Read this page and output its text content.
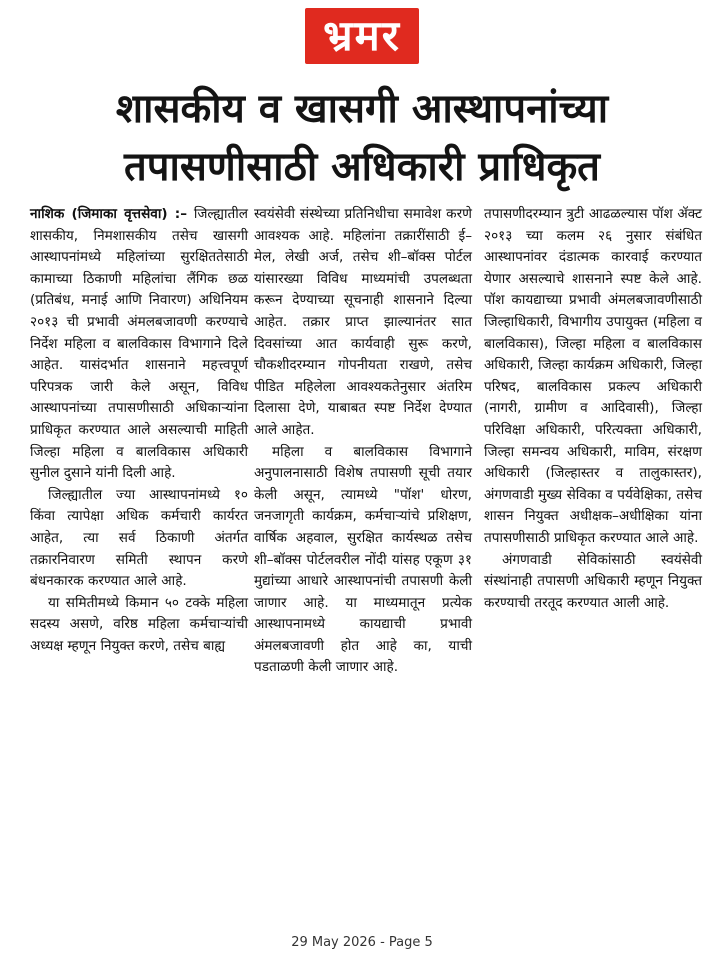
भ्रमर
शासकीय व खासगी आस्थापनांच्या
तपासणीसाठी अधिकारी प्राधिकृत

नाशिक (जिमाका वृत्तसेवा) :– जिल्ह्यातील शासकीय, निमशासकीय तसेच खासगी आस्थापनांमध्ये महिलांच्या सुरक्षिततेसाठी कामाच्या ठिकाणी महिलांचा लैंगिक छळ (प्रतिबंध, मनाई आणि निवारण) अधिनियम २०१३ ची प्रभावी अंमलबजावणी करण्याचे निर्देश महिला व बालविकास विभागाने दिले आहेत. यासंदर्भात शासनाने महत्त्वपूर्ण परिपत्रक जारी केले असून, विविध आस्थापनांच्या तपासणीसाठी अधिकाऱ्यांना प्राधिकृत करण्यात आले असल्याची माहिती जिल्हा महिला व बालविकास अधिकारी सुनील दुसाने यांनी दिली आहे.

जिल्ह्यातील ज्या आस्थापनांमध्ये १० किंवा त्यापेक्षा अधिक कर्मचारी कार्यरत आहेत, त्या सर्व ठिकाणी अंतर्गत तक्रारनिवारण समिती स्थापन करणे बंधनकारक करण्यात आले आहे.

या समितीमध्ये किमान ५० टक्के महिला सदस्य असणे, वरिष्ठ महिला कर्मचाऱ्यांची अध्यक्ष म्हणून नियुक्त करणे, तसेच बाह्य

स्वयंसेवी संस्थेच्या प्रतिनिधीचा समावेश करणे आवश्यक आहे. महिलांना तक्रारींसाठी ई–मेल, लेखी अर्ज, तसेच शी–बॉक्स पोर्टल यांसारख्या विविध माध्यमांची उपलब्धता करून देण्याच्या सूचनाही शासनाने दिल्या आहेत. तक्रार प्राप्त झाल्यानंतर सात दिवसांच्या आत कार्यवाही सुरू करणे, चौकशीदरम्यान गोपनीयता राखणे, तसेच पीडित महिलेला आवश्यकतेनुसार अंतरिम दिलासा देणे, याबाबत स्पष्ट निर्देश देण्यात आले आहेत.

महिला व बालविकास विभागाने अनुपालनासाठी विशेष तपासणी सूची तयार केली असून, त्यामध्ये "पॉश' धोरण, जनजागृती कार्यक्रम, कर्मचाऱ्यांचे प्रशिक्षण, वार्षिक अहवाल, सुरक्षित कार्यस्थळ तसेच शी–बॉक्स पोर्टलवरील नोंदी यांसह एकूण ३१ मुद्यांच्या आधारे आस्थापनांची तपासणी केली जाणार आहे. या माध्यमातून प्रत्येक आस्थापनामध्ये कायद्याची प्रभावी अंमलबजावणी होत आहे का, याची पडताळणी केली जाणार आहे.

तपासणीदरम्यान त्रुटी आढळल्यास पॉश ॲक्ट २०१३ च्या कलम २६ नुसार संबंधित आस्थापनांवर दंडात्मक कारवाई करण्यात येणार असल्याचे शासनाने स्पष्ट केले आहे. पॉश कायद्याच्या प्रभावी अंमलबजावणीसाठी जिल्हाधिकारी, विभागीय उपायुक्त (महिला व बालविकास), जिल्हा महिला व बालविकास अधिकारी, जिल्हा कार्यक्रम अधिकारी, जिल्हा परिषद, बालविकास प्रकल्प अधिकारी (नागरी, ग्रामीण व आदिवासी), जिल्हा परिविक्षा अधिकारी, परित्यक्ता अधिकारी, जिल्हा समन्वय अधिकारी, माविम, संरक्षण अधिकारी (जिल्हास्तर व तालुकास्तर), अंगणवाडी मुख्य सेविका व पर्यवेक्षिका, तसेच शासन नियुक्त अधीक्षक–अधीक्षिका यांना तपासणीसाठी प्राधिकृत करण्यात आले आहे.

अंगणवाडी सेविकांसाठी स्वयंसेवी संस्थांनाही तपासणी अधिकारी म्हणून नियुक्त करण्याची तरतूद करण्यात आली आहे.

29 May 2026 - Page 5
